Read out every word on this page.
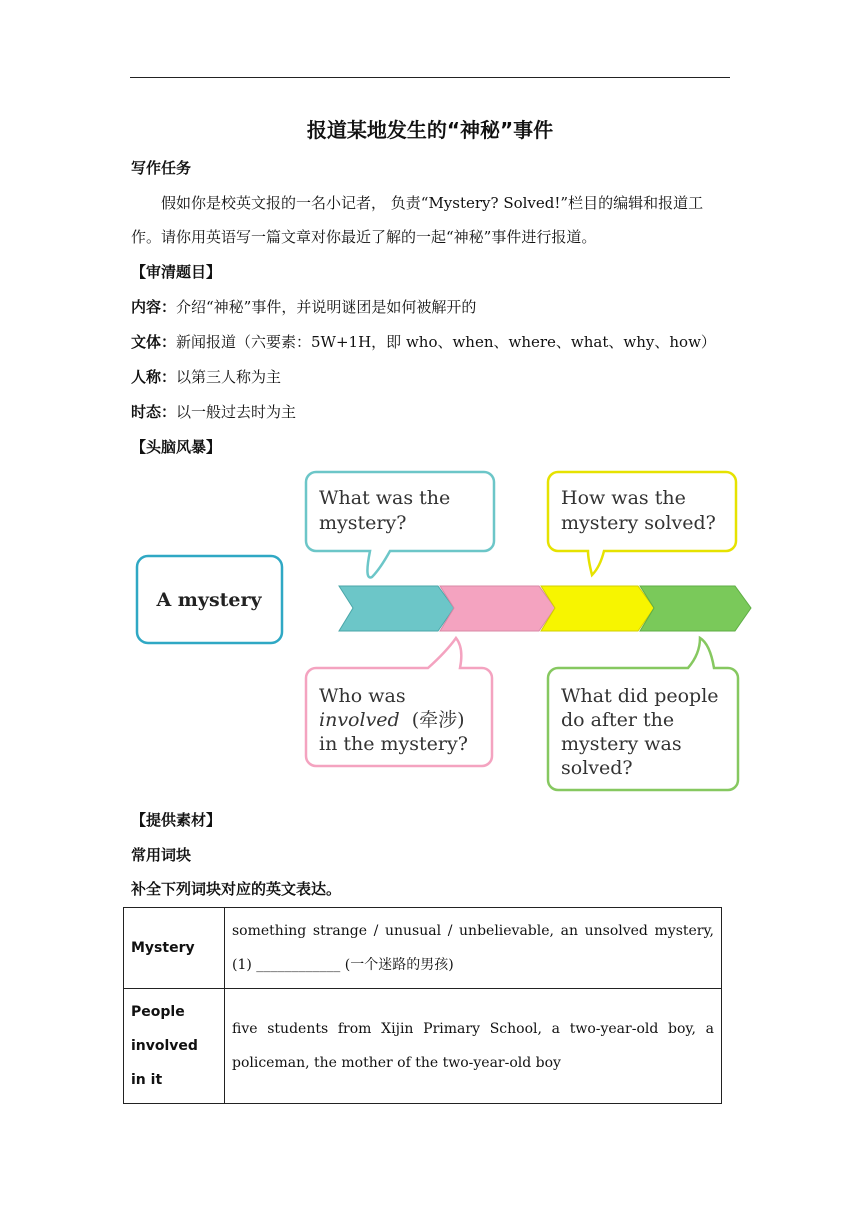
报道某地发生的“神秘”事件
写作任务
假如你是校英文报的一名小记者， 负责“Mystery? Solved!”栏目的编辑和报道工作。请你用英语写一篇文章对你最近了解的一起“神秘”事件进行报道。
【审清题目】
内容：介绍“神秘”事件，并说明谜团是如何被解开的
文体：新闻报道（六要素：5W+1H，即 who、when、where、what、why、how）
人称：以第三人称为主
时态：以一般过去时为主
【头脑风暴】
A mystery
What was the mystery?
How was the mystery solved?
Who was involved (牵涉) in the mystery?
What did people do after the mystery was solved?
【提供素材】
常用词块
补全下列词块对应的英文表达。
Mystery	something strange / unusual / unbelievable, an unsolved mystery, (1) ____________ (一个迷路的男孩)
People involved in it	five students from Xijin Primary School, a two-year-old boy, a policeman, the mother of the two-year-old boy
